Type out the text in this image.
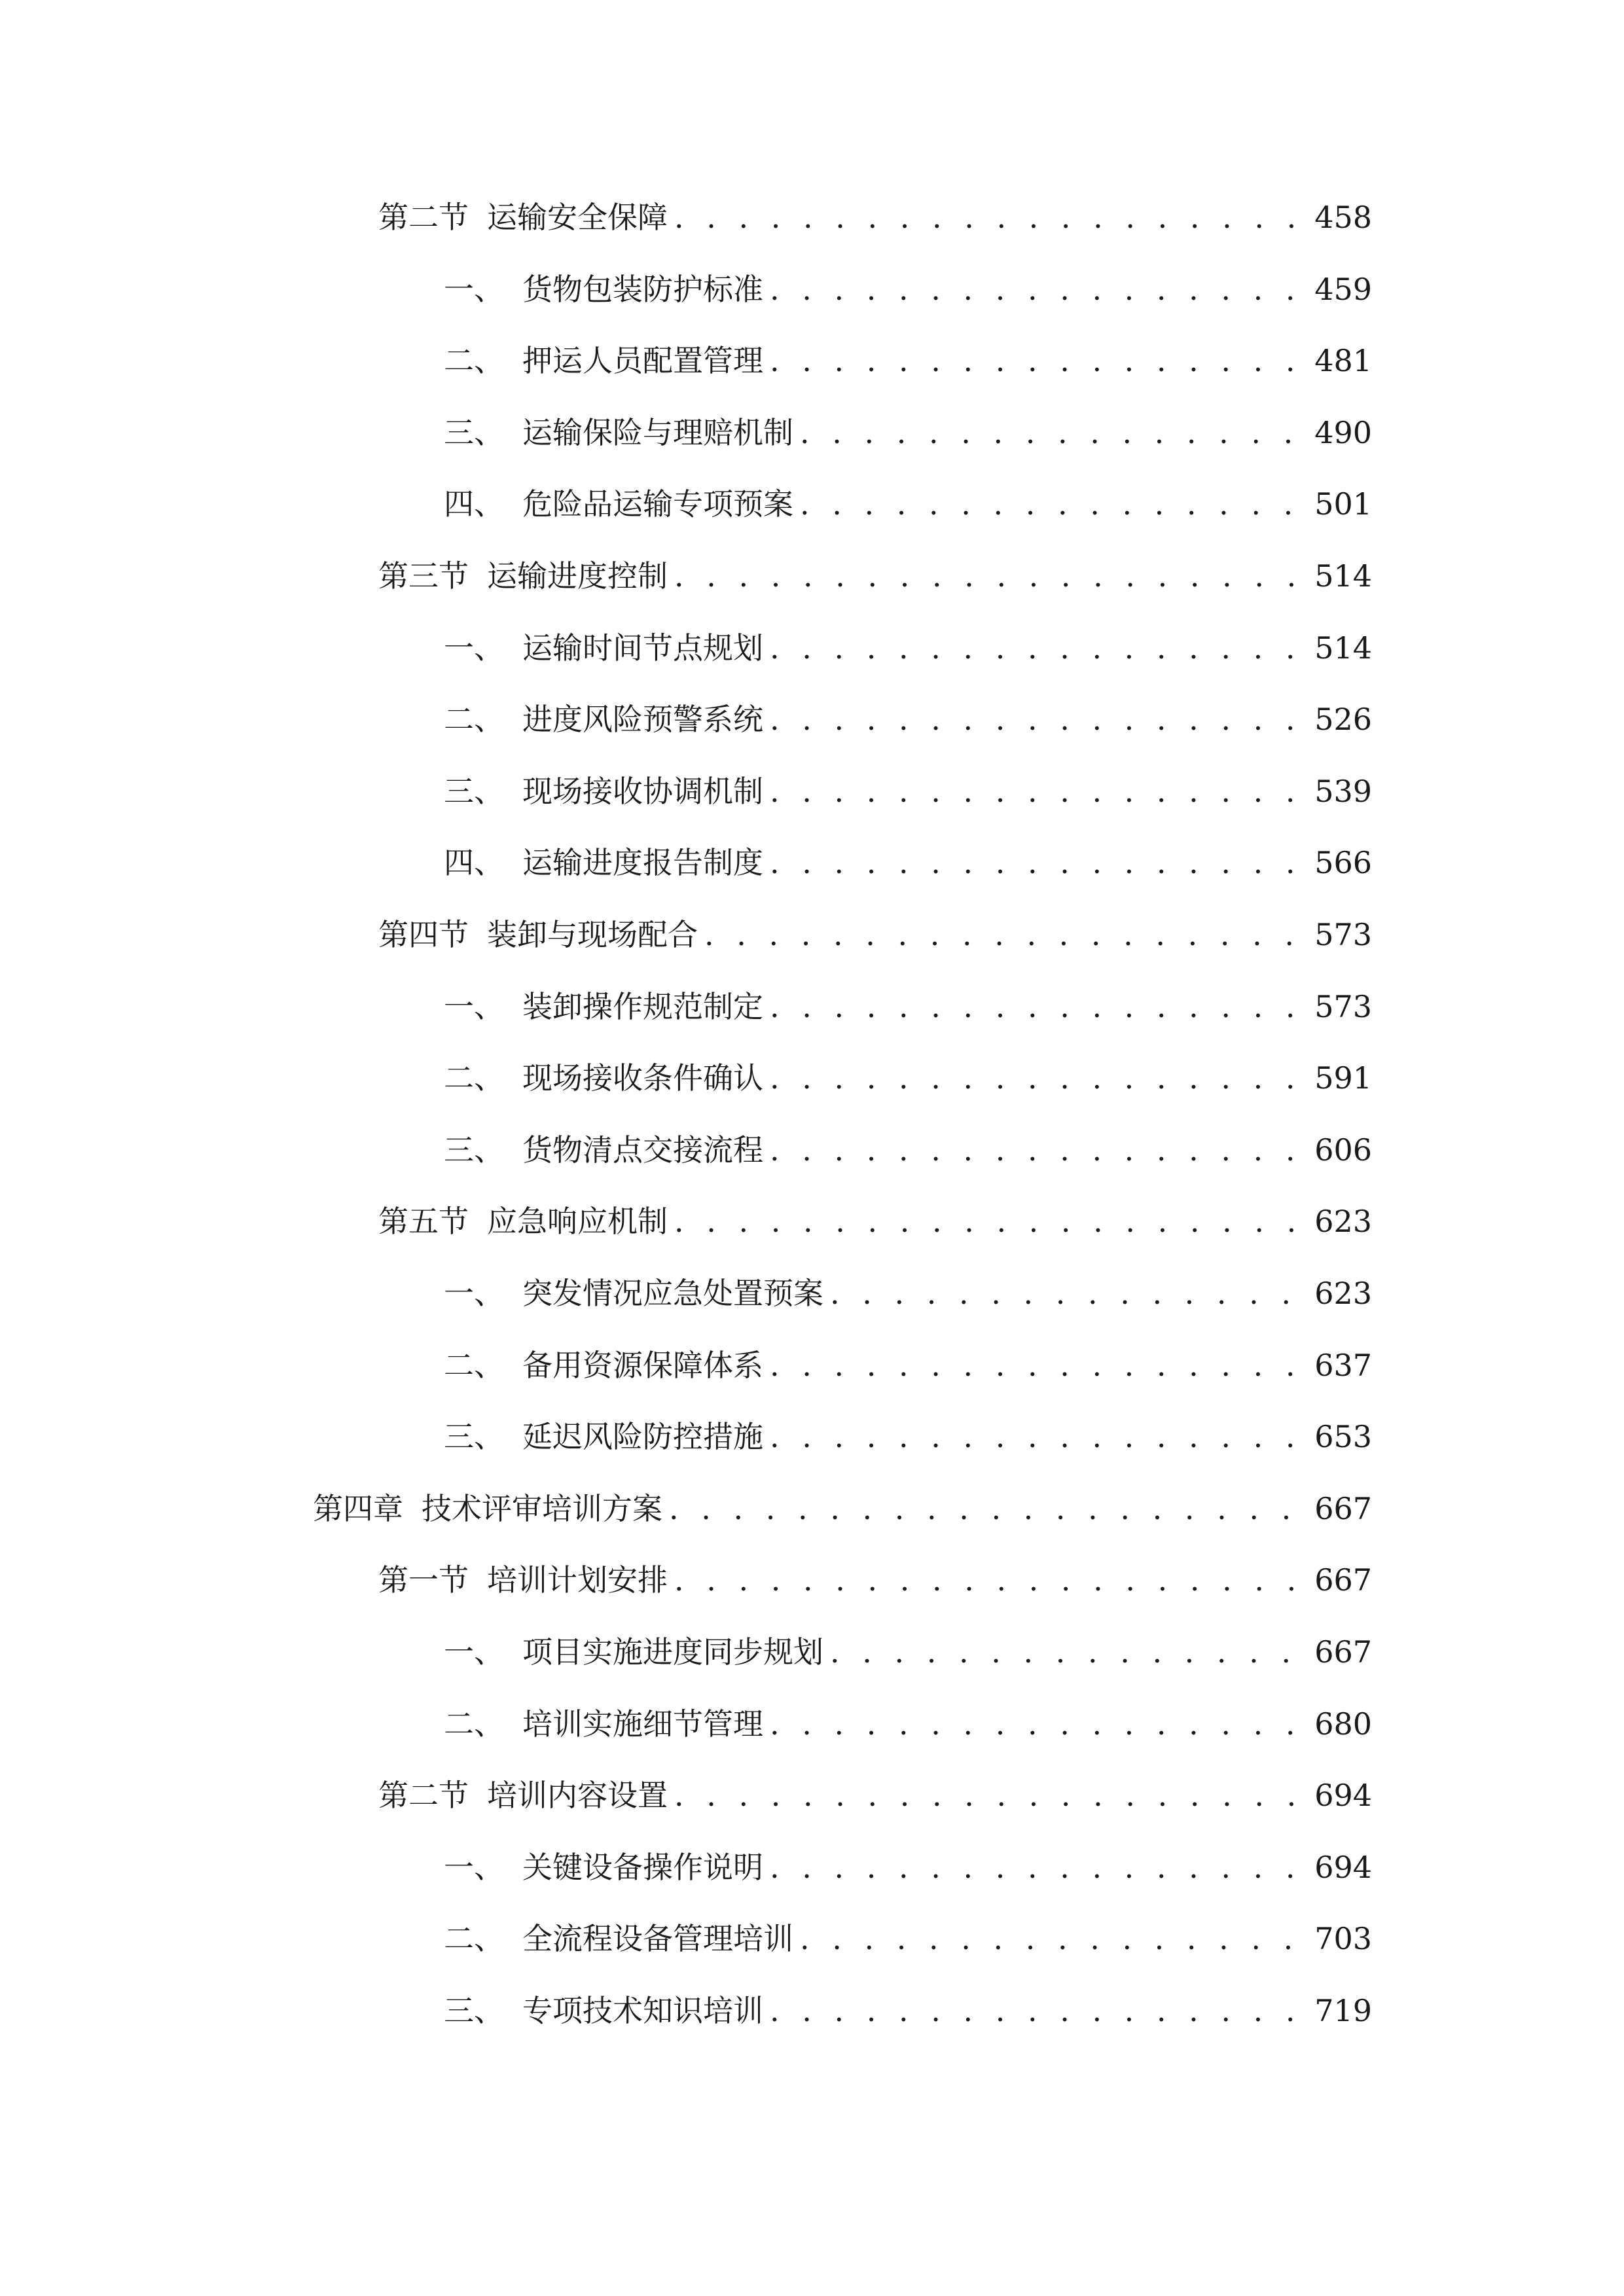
第二节 运输安全保障 . . .	458
一、 货物包装防护标准 . . .	459
二、 押运人员配置管理 . . .	481
三、 运输保险与理赔机制 . . .	490
四、 危险品运输专项预案 . . .	501
第三节 运输进度控制 . . .	514
一、 运输时间节点规划 . . .	514
二、 进度风险预警系统 . . .	526
三、 现场接收协调机制 . . .	539
四、 运输进度报告制度 . . .	566
第四节 装卸与现场配合 . . .	573
一、 装卸操作规范制定 . . .	573
二、 现场接收条件确认 . . .	591
三、 货物清点交接流程 . . .	606
第五节 应急响应机制 . . .	623
一、 突发情况应急处置预案 . . .	623
二、 备用资源保障体系 . . .	637
三、 延迟风险防控措施 . . .	653
第四章 技术评审培训方案 . . .	667
第一节 培训计划安排 . . .	667
一、 项目实施进度同步规划 . . .	667
二、 培训实施细节管理 . . .	680
第二节 培训内容设置 . . .	694
一、 关键设备操作说明 . . .	694
二、 全流程设备管理培训 . . .	703
三、 专项技术知识培训 . . .	719
